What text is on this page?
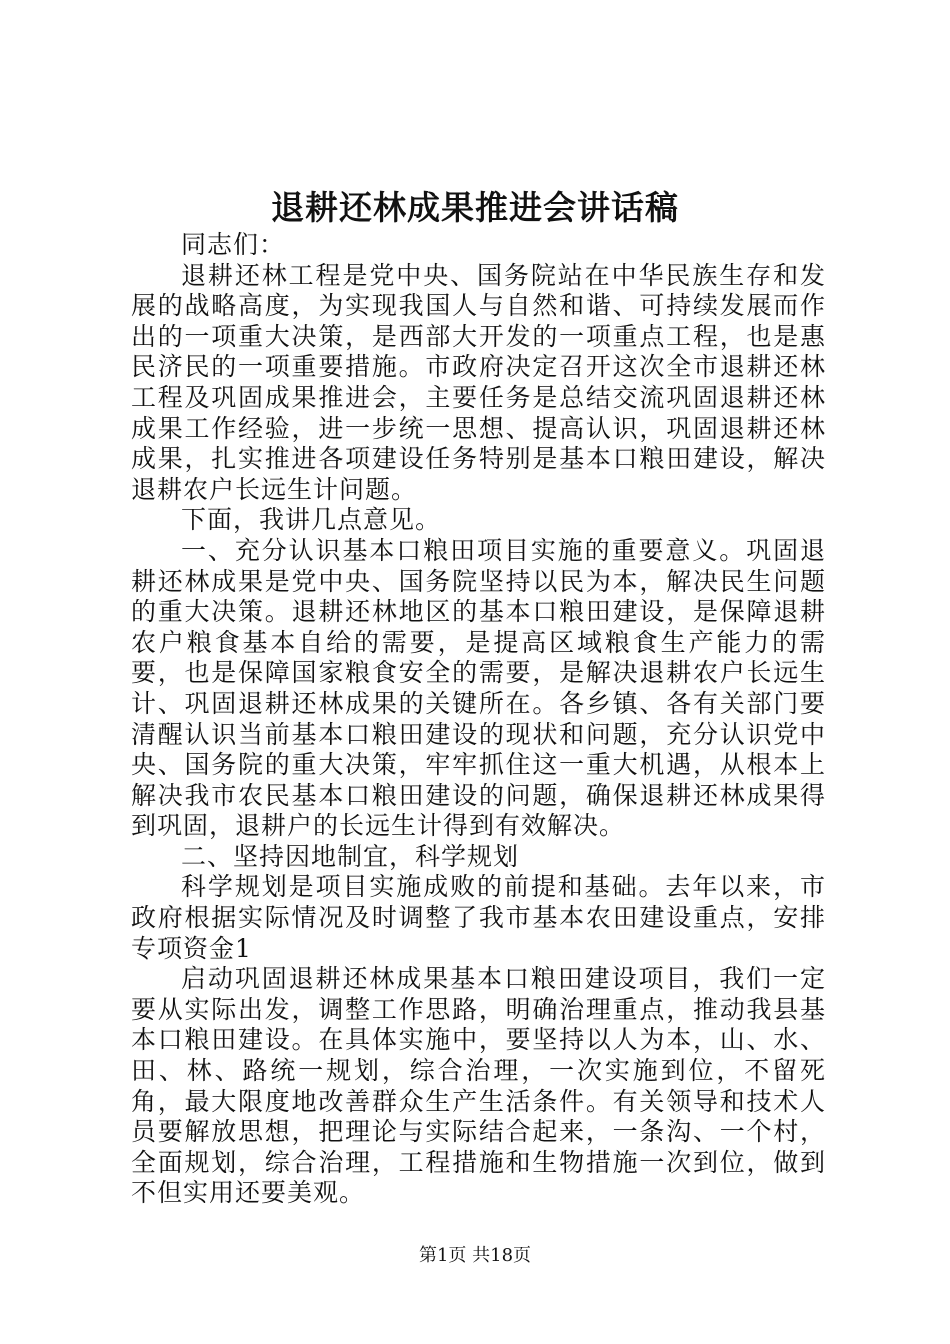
退耕还林成果推进会讲话稿

同志们：

退耕还林工程是党中央、国务院站在中华民族生存和发展的战略高度，为实现我国人与自然和谐、可持续发展而作出的一项重大决策，是西部大开发的一项重点工程，也是惠民济民的一项重要措施。市政府决定召开这次全市退耕还林工程及巩固成果推进会，主要任务是总结交流巩固退耕还林成果工作经验，进一步统一思想、提高认识，巩固退耕还林成果，扎实推进各项建设任务特别是基本口粮田建设，解决退耕农户长远生计问题。

下面，我讲几点意见。

一、充分认识基本口粮田项目实施的重要意义。巩固退耕还林成果是党中央、国务院坚持以民为本，解决民生问题的重大决策。退耕还林地区的基本口粮田建设，是保障退耕农户粮食基本自给的需要，是提高区域粮食生产能力的需要，也是保障国家粮食安全的需要，是解决退耕农户长远生计、巩固退耕还林成果的关键所在。各乡镇、各有关部门要清醒认识当前基本口粮田建设的现状和问题，充分认识党中央、国务院的重大决策，牢牢抓住这一重大机遇，从根本上解决我市农民基本口粮田建设的问题，确保退耕还林成果得到巩固，退耕户的长远生计得到有效解决。

二、坚持因地制宜，科学规划

科学规划是项目实施成败的前提和基础。去年以来，市政府根据实际情况及时调整了我市基本农田建设重点，安排专项资金1

启动巩固退耕还林成果基本口粮田建设项目，我们一定要从实际出发，调整工作思路，明确治理重点，推动我县基本口粮田建设。在具体实施中，要坚持以人为本，山、水、田、林、路统一规划，综合治理，一次实施到位，不留死角，最大限度地改善群众生产生活条件。有关领导和技术人员要解放思想，把理论与实际结合起来，一条沟、一个村，全面规划，综合治理，工程措施和生物措施一次到位，做到不但实用还要美观。

第1页 共18页
